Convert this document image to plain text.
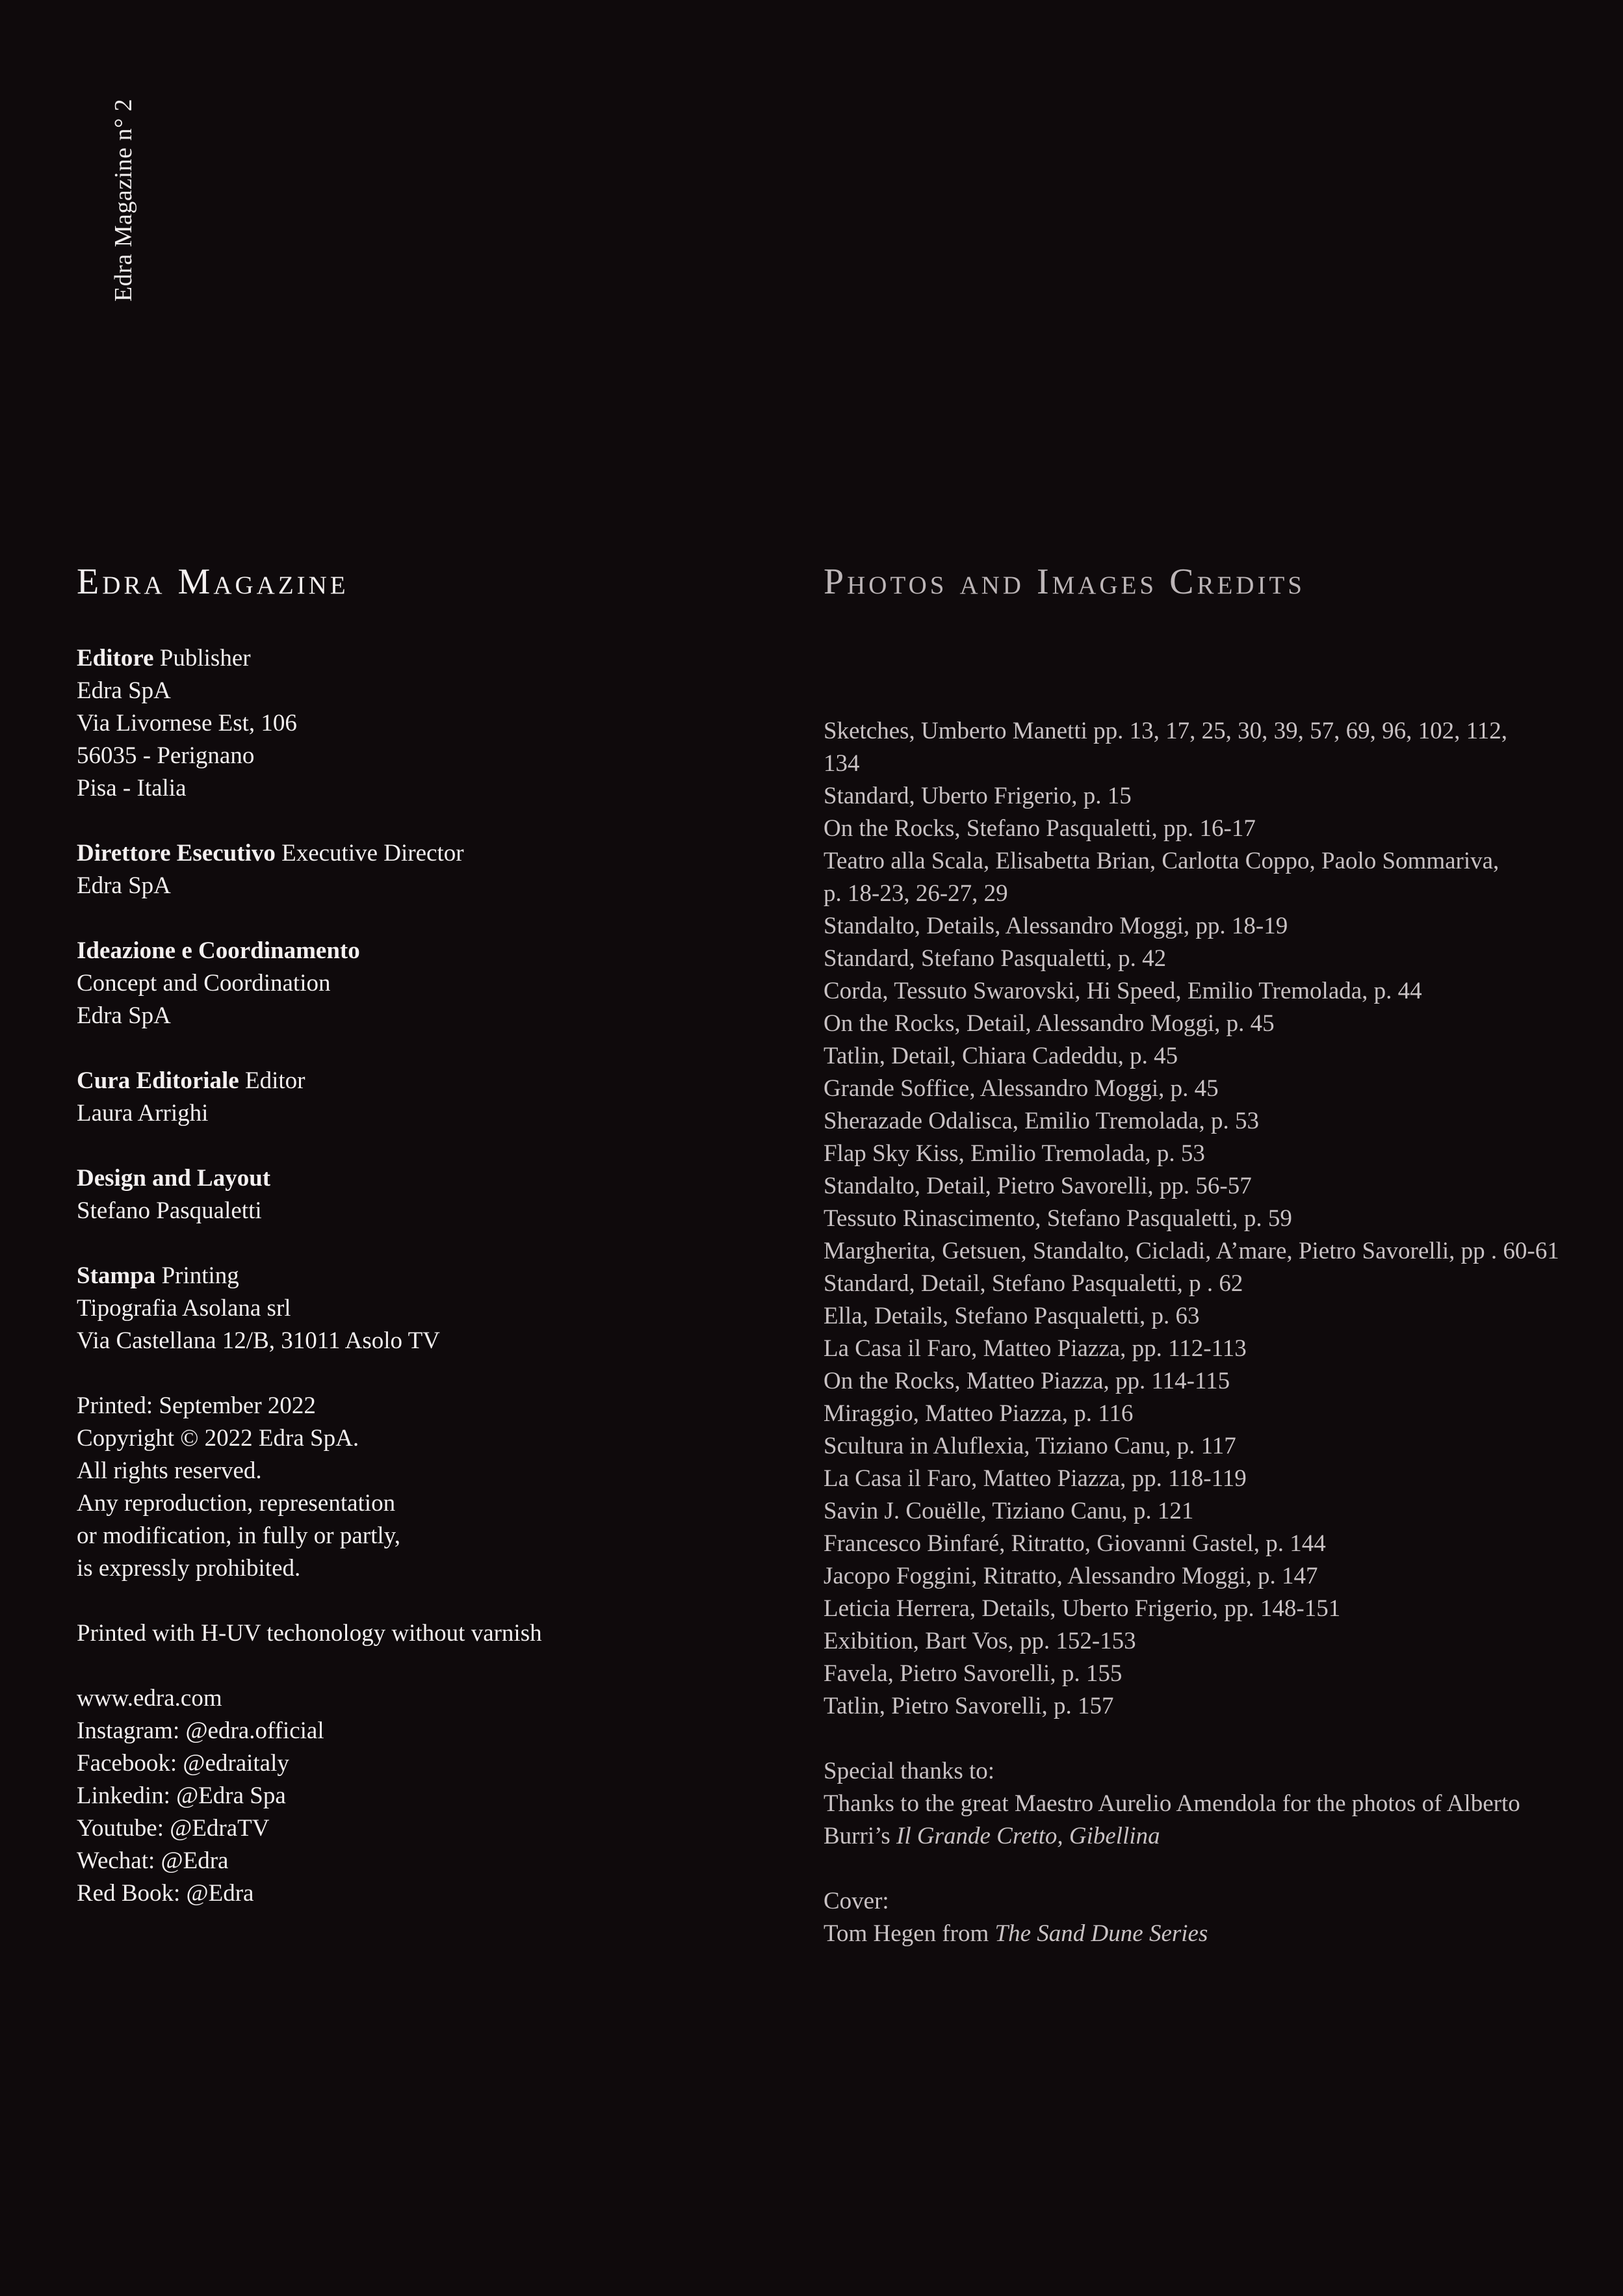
Edra Magazine n° 2
Edra Magazine
Editore Publisher
Edra SpA
Via Livornese Est, 106
56035 - Perignano
Pisa - Italia
Direttore Esecutivo Executive Director
Edra SpA
Ideazione e Coordinamento
Concept and Coordination
Edra SpA
Cura Editoriale Editor
Laura Arrighi
Design and Layout
Stefano Pasqualetti
Stampa Printing
Tipografia Asolana srl
Via Castellana 12/B, 31011 Asolo TV
Printed: September 2022
Copyright © 2022 Edra SpA.
All rights reserved.
Any reproduction, representation
or modification, in fully or partly,
is expressly prohibited.
Printed with H-UV techonology without varnish
www.edra.com
Instagram: @edra.official
Facebook: @edraitaly
Linkedin: @Edra Spa
Youtube: @EdraTV
Wechat: @Edra
Red Book: @Edra
Photos and Images Credits
Sketches, Umberto Manetti pp. 13, 17, 25, 30, 39, 57, 69, 96, 102, 112,
134
Standard, Uberto Frigerio, p. 15
On the Rocks, Stefano Pasqualetti, pp. 16-17
Teatro alla Scala, Elisabetta Brian, Carlotta Coppo, Paolo Sommariva,
p. 18-23, 26-27, 29
Standalto, Details, Alessandro Moggi, pp. 18-19
Standard, Stefano Pasqualetti, p. 42
Corda, Tessuto Swarovski, Hi Speed, Emilio Tremolada, p. 44
On the Rocks, Detail, Alessandro Moggi, p. 45
Tatlin, Detail, Chiara Cadeddu, p. 45
Grande Soffice, Alessandro Moggi, p. 45
Sherazade Odalisca, Emilio Tremolada, p. 53
Flap Sky Kiss, Emilio Tremolada, p. 53
Standalto, Detail, Pietro Savorelli, pp. 56-57
Tessuto Rinascimento, Stefano Pasqualetti, p. 59
Margherita, Getsuen, Standalto, Cicladi, A’mare, Pietro Savorelli, pp . 60-61
Standard, Detail, Stefano Pasqualetti, p . 62
Ella, Details, Stefano Pasqualetti, p. 63
La Casa il Faro, Matteo Piazza, pp. 112-113
On the Rocks, Matteo Piazza, pp. 114-115
Miraggio, Matteo Piazza, p. 116
Scultura in Aluflexia, Tiziano Canu, p. 117
La Casa il Faro, Matteo Piazza, pp. 118-119
Savin J. Couëlle, Tiziano Canu, p. 121
Francesco Binfaré, Ritratto, Giovanni Gastel, p. 144
Jacopo Foggini, Ritratto, Alessandro Moggi, p. 147
Leticia Herrera, Details, Uberto Frigerio, pp. 148-151
Exibition, Bart Vos, pp. 152-153
Favela, Pietro Savorelli, p. 155
Tatlin, Pietro Savorelli, p. 157
Special thanks to:
Thanks to the great Maestro Aurelio Amendola for the photos of Alberto
Burri’s Il Grande Cretto, Gibellina
Cover:
Tom Hegen from The Sand Dune Series
